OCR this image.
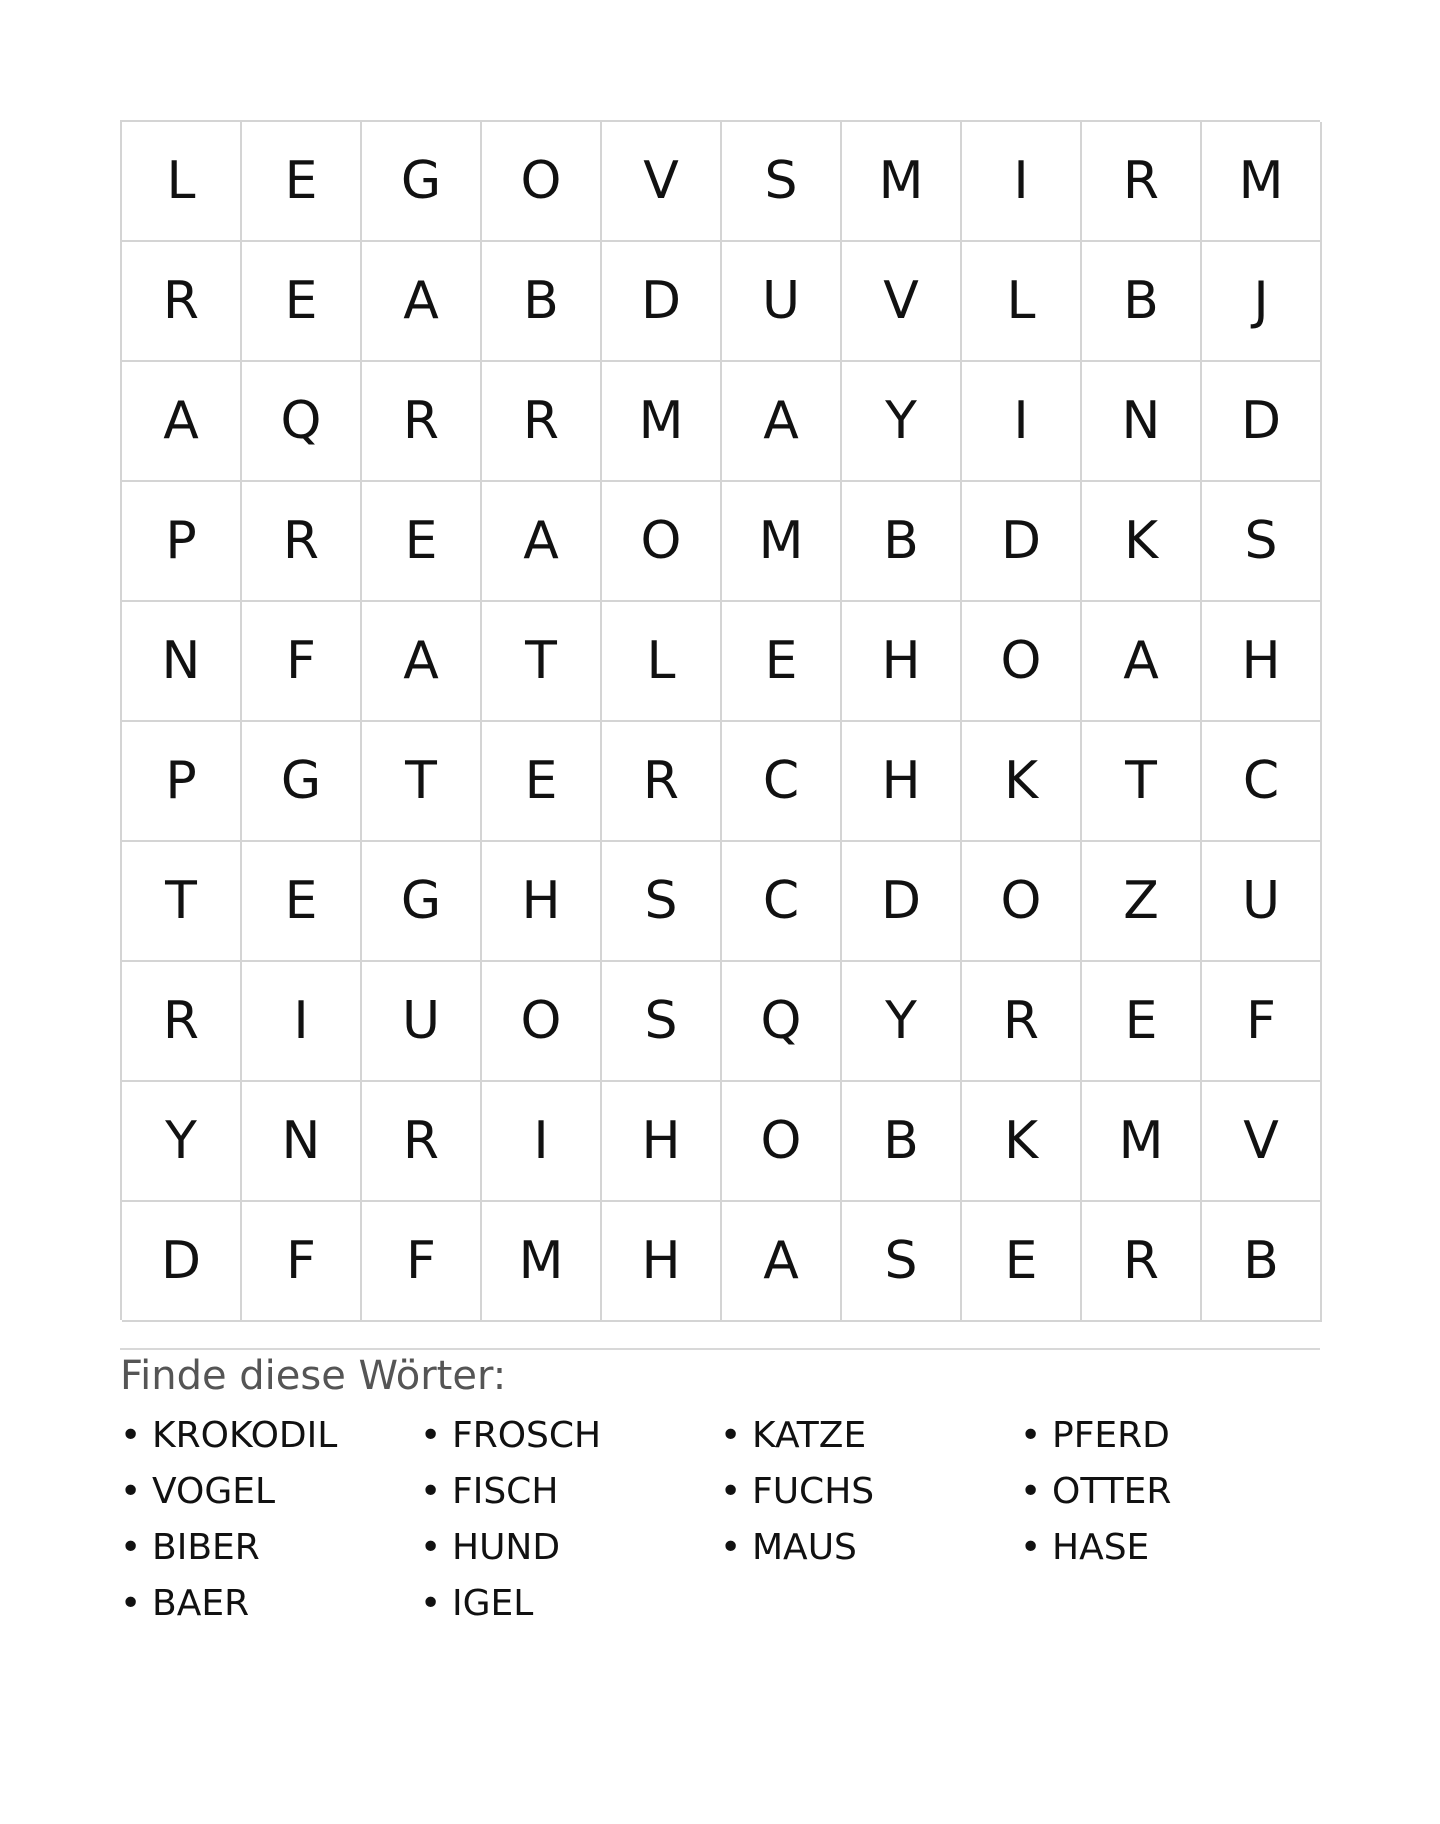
L	E	G	O	V	S	M	I	R	M
R	E	A	B	D	U	V	L	B	J
A	Q	R	R	M	A	Y	I	N	D
P	R	E	A	O	M	B	D	K	S
N	F	A	T	L	E	H	O	A	H
P	G	T	E	R	C	H	K	T	C
T	E	G	H	S	C	D	O	Z	U
R	I	U	O	S	Q	Y	R	E	F
Y	N	R	I	H	O	B	K	M	V
D	F	F	M	H	A	S	E	R	B
Finde diese Wörter:
• KROKODIL	• FROSCH	• KATZE	• PFERD
• VOGEL	• FISCH	• FUCHS	• OTTER
• BIBER	• HUND	• MAUS	• HASE
• BAER	• IGEL
